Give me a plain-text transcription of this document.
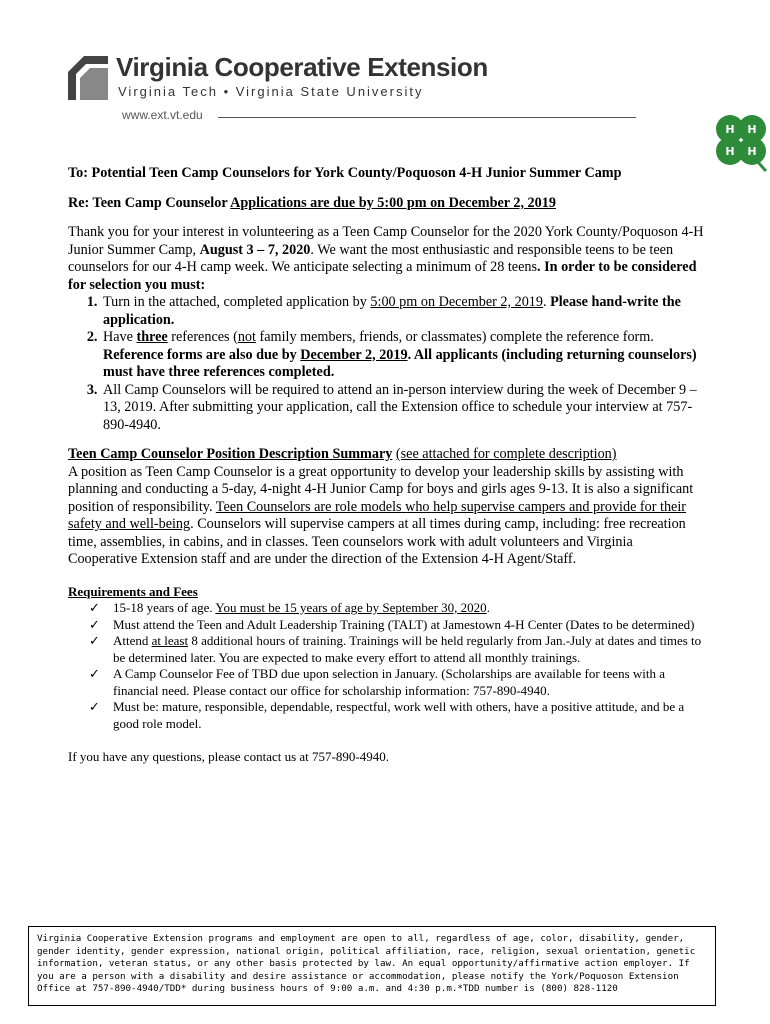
Virginia Cooperative Extension
Virginia Tech • Virginia State University
www.ext.vt.edu
H H
H H

To: Potential Teen Camp Counselors for York County/Poquoson 4-H Junior Summer Camp

Re: Teen Camp Counselor Applications are due by 5:00 pm on December 2, 2019

Thank you for your interest in volunteering as a Teen Camp Counselor for the 2020 York County/Poquoson 4-H Junior Summer Camp, August 3 – 7, 2020. We want the most enthusiastic and responsible teens to be teen counselors for our 4-H camp week. We anticipate selecting a minimum of 28 teens. In order to be considered for selection you must:

1. Turn in the attached, completed application by 5:00 pm on December 2, 2019. Please hand-write the application.
2. Have three references (not family members, friends, or classmates) complete the reference form. Reference forms are also due by December 2, 2019. All applicants (including returning counselors) must have three references completed.
3. All Camp Counselors will be required to attend an in-person interview during the week of December 9 – 13, 2019. After submitting your application, call the Extension office to schedule your interview at 757-890-4940.

Teen Camp Counselor Position Description Summary (see attached for complete description)
A position as Teen Camp Counselor is a great opportunity to develop your leadership skills by assisting with planning and conducting a 5-day, 4-night 4-H Junior Camp for boys and girls ages 9-13. It is also a significant position of responsibility. Teen Counselors are role models who help supervise campers and provide for their safety and well-being. Counselors will supervise campers at all times during camp, including: free recreation time, assemblies, in cabins, and in classes. Teen counselors work with adult volunteers and Virginia Cooperative Extension staff and are under the direction of the Extension 4-H Agent/Staff.

Requirements and Fees

✓ 15-18 years of age. You must be 15 years of age by September 30, 2020.
✓ Must attend the Teen and Adult Leadership Training (TALT) at Jamestown 4-H Center (Dates to be determined)
✓ Attend at least 8 additional hours of training. Trainings will be held regularly from Jan.-July at dates and times to be determined later. You are expected to make every effort to attend all monthly trainings.
✓ A Camp Counselor Fee of TBD due upon selection in January. (Scholarships are available for teens with a financial need. Please contact our office for scholarship information: 757-890-4940.
✓ Must be: mature, responsible, dependable, respectful, work well with others, have a positive attitude, and be a good role model.

If you have any questions, please contact us at 757-890-4940.

Virginia Cooperative Extension programs and employment are open to all, regardless of age, color, disability, gender, gender identity, gender expression, national origin, political affiliation, race, religion, sexual orientation, genetic information, veteran status, or any other basis protected by law. An equal opportunity/affirmative action employer. If you are a person with a disability and desire assistance or accommodation, please notify the York/Poquoson Extension Office at 757-890-4940/TDD* during business hours of 9:00 a.m. and 4:30 p.m.*TDD number is (800) 828-1120
